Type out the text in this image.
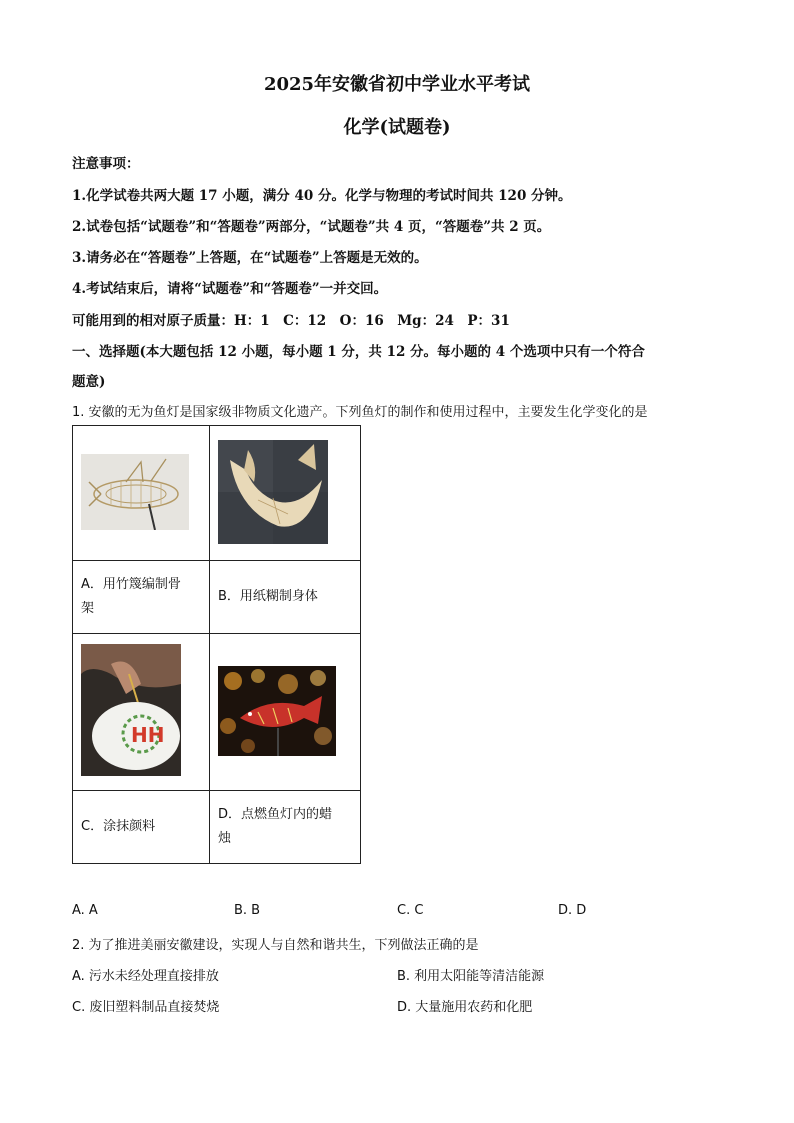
2025年安徽省初中学业水平考试
化学(试题卷)
注意事项：
1.化学试卷共两大题 17 小题，满分 40 分。化学与物理的考试时间共 120 分钟。
2.试卷包括“试题卷”和“答题卷”两部分，“试题卷”共 4 页，“答题卷”共 2 页。
3.请务必在“答题卷”上答题，在“试题卷”上答题是无效的。
4.考试结束后，请将“试题卷”和“答题卷”一并交回。
可能用到的相对原子质量：H：1　C：12　O：16　Mg：24　P：31
一、选择题(本大题包括 12 小题，每小题 1 分，共 12 分。每小题的 4 个选项中只有一个符合
题意)
1. 安徽的无为鱼灯是国家级非物质文化遗产。下列鱼灯的制作和使用过程中，主要发生化学变化的是

A．用竹篾编制骨
架	B．用纸糊制身体

HH

C．涂抹颜料	D．点燃鱼灯内的蜡
烛
A. A	B. B	C. C	D. D
2. 为了推进美丽安徽建设，实现人与自然和谐共生，下列做法正确的是
A. 污水未经处理直接排放	B. 利用太阳能等清洁能源
C. 废旧塑料制品直接焚烧	D. 大量施用农药和化肥
